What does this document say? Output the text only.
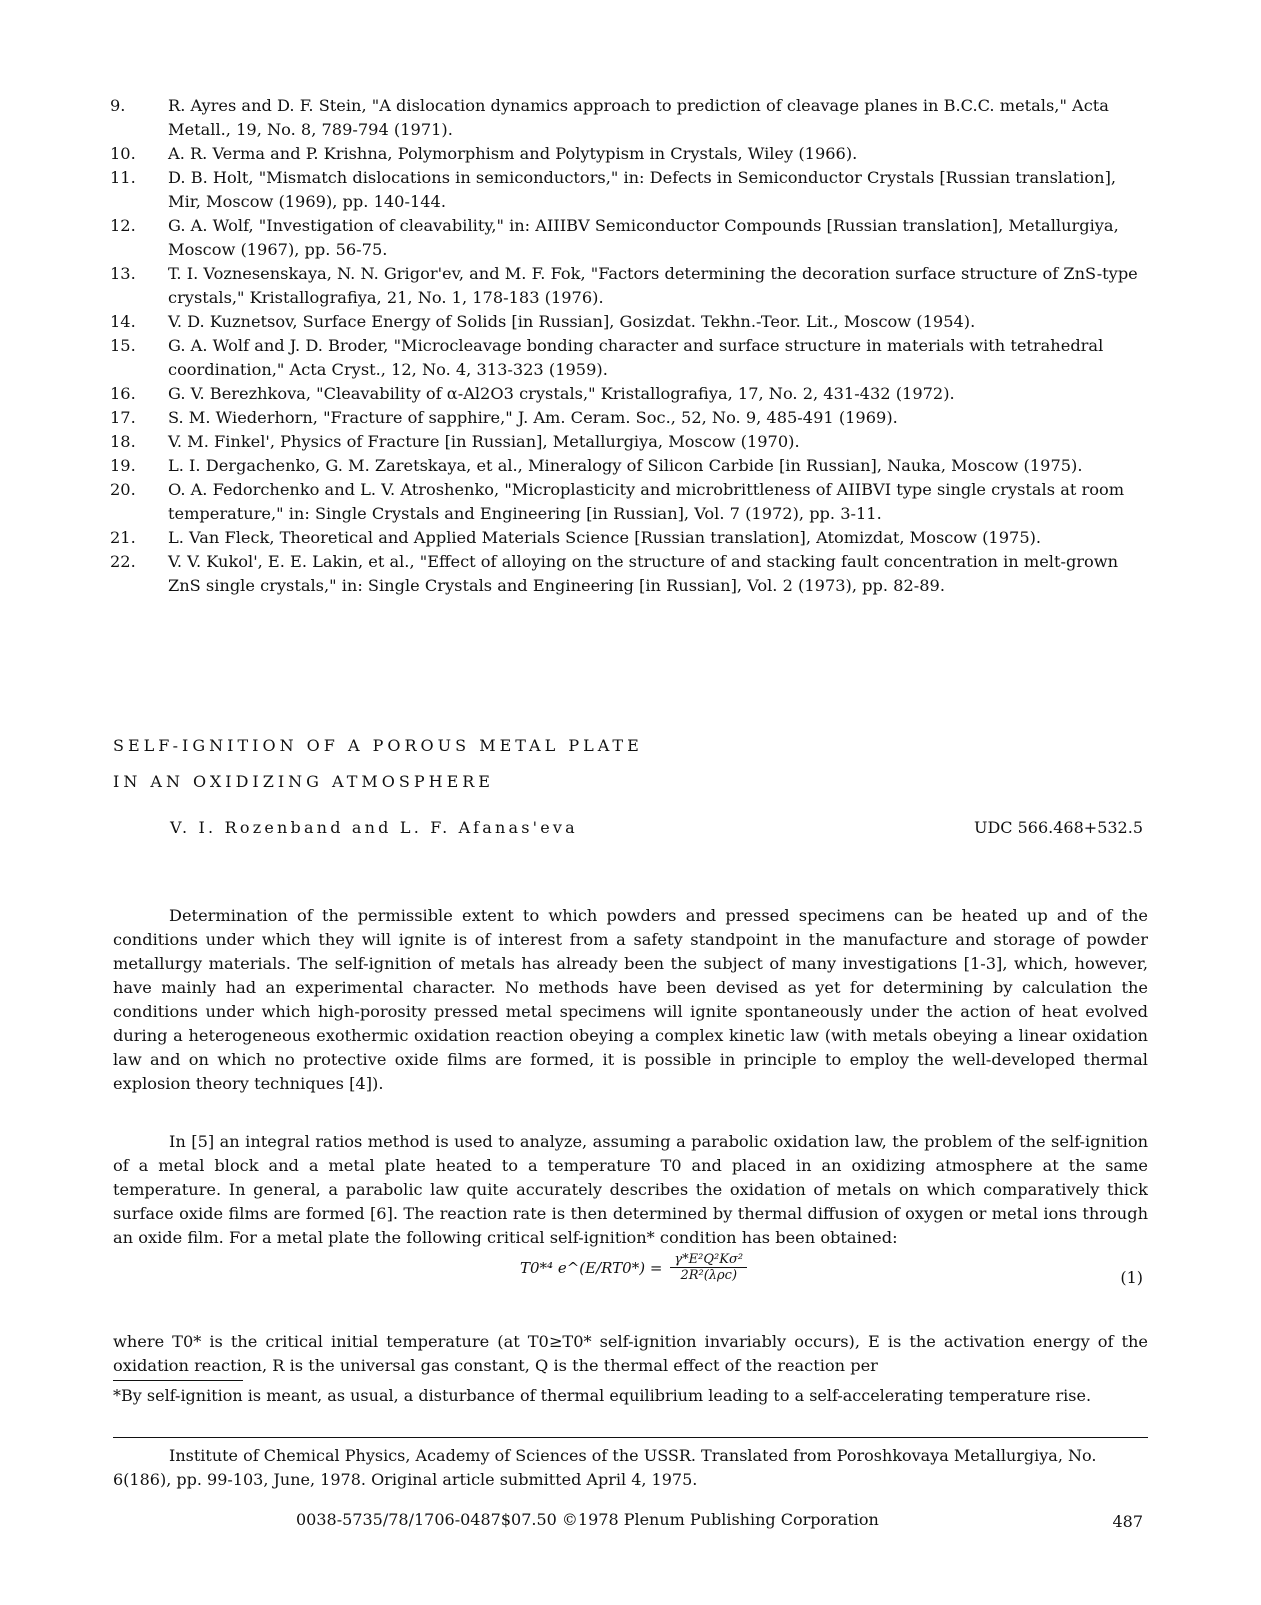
9.	R. Ayres and D. F. Stein, "A dislocation dynamics approach to prediction of cleavage planes in B.C.C. metals," Acta Metall., 19, No. 8, 789-794 (1971).
10.	A. R. Verma and P. Krishna, Polymorphism and Polytypism in Crystals, Wiley (1966).
11.	D. B. Holt, "Mismatch dislocations in semiconductors," in: Defects in Semiconductor Crystals [Russian translation], Mir, Moscow (1969), pp. 140-144.
12.	G. A. Wolf, "Investigation of cleavability," in: AIIIBV Semiconductor Compounds [Russian translation], Metallurgiya, Moscow (1967), pp. 56-75.
13.	T. I. Voznesenskaya, N. N. Grigor'ev, and M. F. Fok, "Factors determining the decoration surface structure of ZnS-type crystals," Kristallografiya, 21, No. 1, 178-183 (1976).
14.	V. D. Kuznetsov, Surface Energy of Solids [in Russian], Gosizdat. Tekhn.-Teor. Lit., Moscow (1954).
15.	G. A. Wolf and J. D. Broder, "Microcleavage bonding character and surface structure in materials with tetrahedral coordination," Acta Cryst., 12, No. 4, 313-323 (1959).
16.	G. V. Berezhkova, "Cleavability of α-Al2O3 crystals," Kristallografiya, 17, No. 2, 431-432 (1972).
17.	S. M. Wiederhorn, "Fracture of sapphire," J. Am. Ceram. Soc., 52, No. 9, 485-491 (1969).
18.	V. M. Finkel', Physics of Fracture [in Russian], Metallurgiya, Moscow (1970).
19.	L. I. Dergachenko, G. M. Zaretskaya, et al., Mineralogy of Silicon Carbide [in Russian], Nauka, Moscow (1975).
20.	O. A. Fedorchenko and L. V. Atroshenko, "Microplasticity and microbrittleness of AIIBVI type single crystals at room temperature," in: Single Crystals and Engineering [in Russian], Vol. 7 (1972), pp. 3-11.
21.	L. Van Fleck, Theoretical and Applied Materials Science [Russian translation], Atomizdat, Moscow (1975).
22.	V. V. Kukol', E. E. Lakin, et al., "Effect of alloying on the structure of and stacking fault concentration in melt-grown ZnS single crystals," in: Single Crystals and Engineering [in Russian], Vol. 2 (1973), pp. 82-89.
SELF-IGNITION OF A POROUS METAL PLATE
IN AN OXIDIZING ATMOSPHERE
V. I. Rozenband and L. F. Afanas'eva	UDC 566.468+532.5

Determination of the permissible extent to which powders and pressed specimens can be heated up and of the conditions under which they will ignite is of interest from a safety standpoint in the manufacture and storage of powder metallurgy materials. The self-ignition of metals has already been the subject of many investigations [1-3], which, however, have mainly had an experimental character. No methods have been devised as yet for determining by calculation the conditions under which high-porosity pressed metal specimens will ignite spontaneously under the action of heat evolved during a heterogeneous exothermic oxidation reaction obeying a complex kinetic law (with metals obeying a linear oxidation law and on which no protective oxide films are formed, it is possible in principle to employ the well-developed thermal explosion theory techniques [4]).

In [5] an integral ratios method is used to analyze, assuming a parabolic oxidation law, the problem of the self-ignition of a metal block and a metal plate heated to a temperature T0 and placed in an oxidizing atmosphere at the same temperature. In general, a parabolic law quite accurately describes the oxidation of metals on which comparatively thick surface oxide films are formed [6]. The reaction rate is then determined by thermal diffusion of oxygen or metal ions through an oxide film. For a metal plate the following critical self-ignition* condition has been obtained:

T0*⁴ e^(E/RT0*) = $\frac{\text{γ*E²Q²Kσ²}}{\text{2R²(λρc)}}$	(1)

where T0* is the critical initial temperature (at T0≥T0* self-ignition invariably occurs), E is the activation energy of the oxidation reaction, R is the universal gas constant, Q is the thermal effect of the reaction per

*By self-ignition is meant, as usual, a disturbance of thermal equilibrium leading to a self-accelerating temperature rise.
Institute of Chemical Physics, Academy of Sciences of the USSR. Translated from Poroshkovaya Metallurgiya, No. 6(186), pp. 99-103, June, 1978. Original article submitted April 4, 1975.
0038-5735/78/1706-0487$07.50 ©1978 Plenum Publishing Corporation	487
